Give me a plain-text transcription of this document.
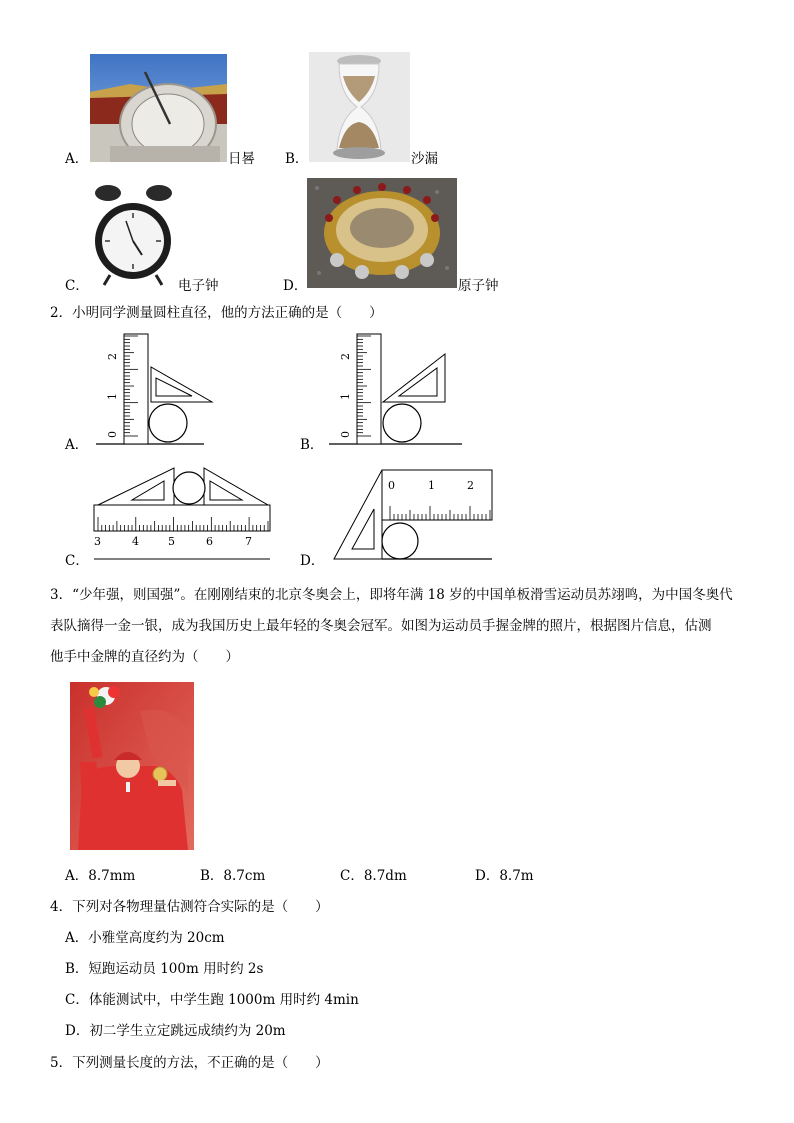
A．	日晷 B．	沙漏
C．	电子钟	D．	原子钟
2．小明同学测量圆柱直径，他的方法正确的是（　　）
A．
2
1
0
B．
2
1
0
C．
3	4	5	6	7
D．
0	1	2
3．“少年强，则国强”。在刚刚结束的北京冬奥会上，即将年满 18 岁的中国单板滑雪运动员苏翊鸣，为中国冬奥代
表队摘得一金一银，成为我国历史上最年轻的冬奥会冠军。如图为运动员手握金牌的照片，根据图片信息，估测
他手中金牌的直径约为（　　）
A．8.7mm	B．8.7cm	C．8.7dm	D．8.7m
4．下列对各物理量估测符合实际的是（　　）
A．小雅堂高度约为 20cm
B．短跑运动员 100m 用时约 2s
C．体能测试中，中学生跑 1000m 用时约 4min
D．初二学生立定跳远成绩约为 20m
5．下列测量长度的方法，不正确的是（　　）
